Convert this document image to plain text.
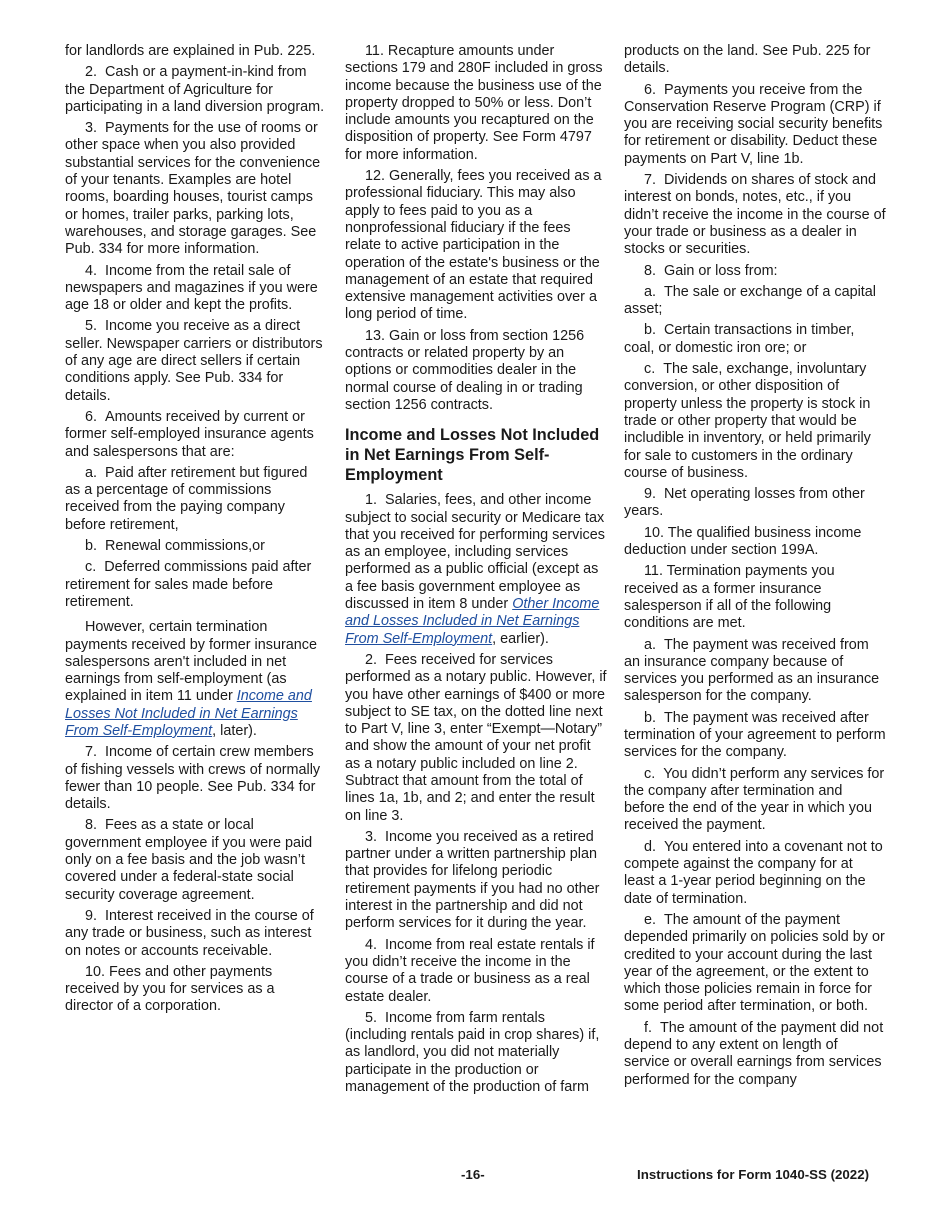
for landlords are explained in Pub. 225.

2.  Cash or a payment-in-kind from the Department of Agriculture for participating in a land diversion program.

3.  Payments for the use of rooms or other space when you also provided substantial services for the convenience of your tenants. Examples are hotel rooms, boarding houses, tourist camps or homes, trailer parks, parking lots, warehouses, and storage garages. See Pub. 334 for more information.

4.  Income from the retail sale of newspapers and magazines if you were age 18 or older and kept the profits.

5.  Income you receive as a direct seller. Newspaper carriers or distributors of any age are direct sellers if certain conditions apply. See Pub. 334 for details.

6.  Amounts received by current or former self-employed insurance agents and salespersons that are:

a.  Paid after retirement but figured as a percentage of commissions received from the paying company before retirement,

b.  Renewal commissions,or

c.  Deferred commissions paid after retirement for sales made before retirement.

However, certain termination payments received by former insurance salespersons aren't included in net earnings from self-employment (as explained in item 11 under Income and Losses Not Included in Net Earnings From Self-Employment, later).

7.  Income of certain crew members of fishing vessels with crews of normally fewer than 10 people. See Pub. 334 for details.

8.  Fees as a state or local government employee if you were paid only on a fee basis and the job wasn’t covered under a federal-state social security coverage agreement.

9.  Interest received in the course of any trade or business, such as interest on notes or accounts receivable.

10. Fees and other payments received by you for services as a director of a corporation.

11. Recapture amounts under sections 179 and 280F included in gross income because the business use of the property dropped to 50% or less. Don’t include amounts you recaptured on the disposition of property. See Form 4797 for more information.

12. Generally, fees you received as a professional fiduciary. This may also apply to fees paid to you as a nonprofessional fiduciary if the fees relate to active participation in the operation of the estate's business or the management of an estate that required extensive management activities over a long period of time.

13. Gain or loss from section 1256 contracts or related property by an options or commodities dealer in the normal course of dealing in or trading section 1256 contracts.

Income and Losses Not Included in Net Earnings From Self-Employment

1.  Salaries, fees, and other income subject to social security or Medicare tax that you received for performing services as an employee, including services performed as a public official (except as a fee basis government employee as discussed in item 8 under Other Income and Losses Included in Net Earnings From Self-Employment, earlier).

2.  Fees received for services performed as a notary public. However, if you have other earnings of $400 or more subject to SE tax, on the dotted line next to Part V, line 3, enter “Exempt—Notary” and show the amount of your net profit as a notary public included on line 2. Subtract that amount from the total of lines 1a, 1b, and 2; and enter the result on line 3.

3.  Income you received as a retired partner under a written partnership plan that provides for lifelong periodic retirement payments if you had no other interest in the partnership and did not perform services for it during the year.

4.  Income from real estate rentals if you didn’t receive the income in the course of a trade or business as a real estate dealer.

5.  Income from farm rentals (including rentals paid in crop shares) if, as landlord, you did not materially participate in the production or management of the production of farm

products on the land. See Pub. 225 for details.

6.  Payments you receive from the Conservation Reserve Program (CRP) if you are receiving social security benefits for retirement or disability. Deduct these payments on Part V, line 1b.

7.  Dividends on shares of stock and interest on bonds, notes, etc., if you didn’t receive the income in the course of your trade or business as a dealer in stocks or securities.

8.  Gain or loss from:

a.  The sale or exchange of a capital asset;

b.  Certain transactions in timber, coal, or domestic iron ore; or

c.  The sale, exchange, involuntary conversion, or other disposition of property unless the property is stock in trade or other property that would be includible in inventory, or held primarily for sale to customers in the ordinary course of business.

9.  Net operating losses from other years.

10. The qualified business income deduction under section 199A.

11. Termination payments you received as a former insurance salesperson if all of the following conditions are met.

a.  The payment was received from an insurance company because of services you performed as an insurance salesperson for the company.

b.  The payment was received after termination of your agreement to perform services for the company.

c.  You didn’t perform any services for the company after termination and before the end of the year in which you received the payment.

d.  You entered into a covenant not to compete against the company for at least a 1-year period beginning on the date of termination.

e.  The amount of the payment depended primarily on policies sold by or credited to your account during the last year of the agreement, or the extent to which those policies remain in force for some period after termination, or both.

f.  The amount of the payment did not depend to any extent on length of service or overall earnings from services performed for the company

-16-	Instructions for Form 1040-SS (2022)
